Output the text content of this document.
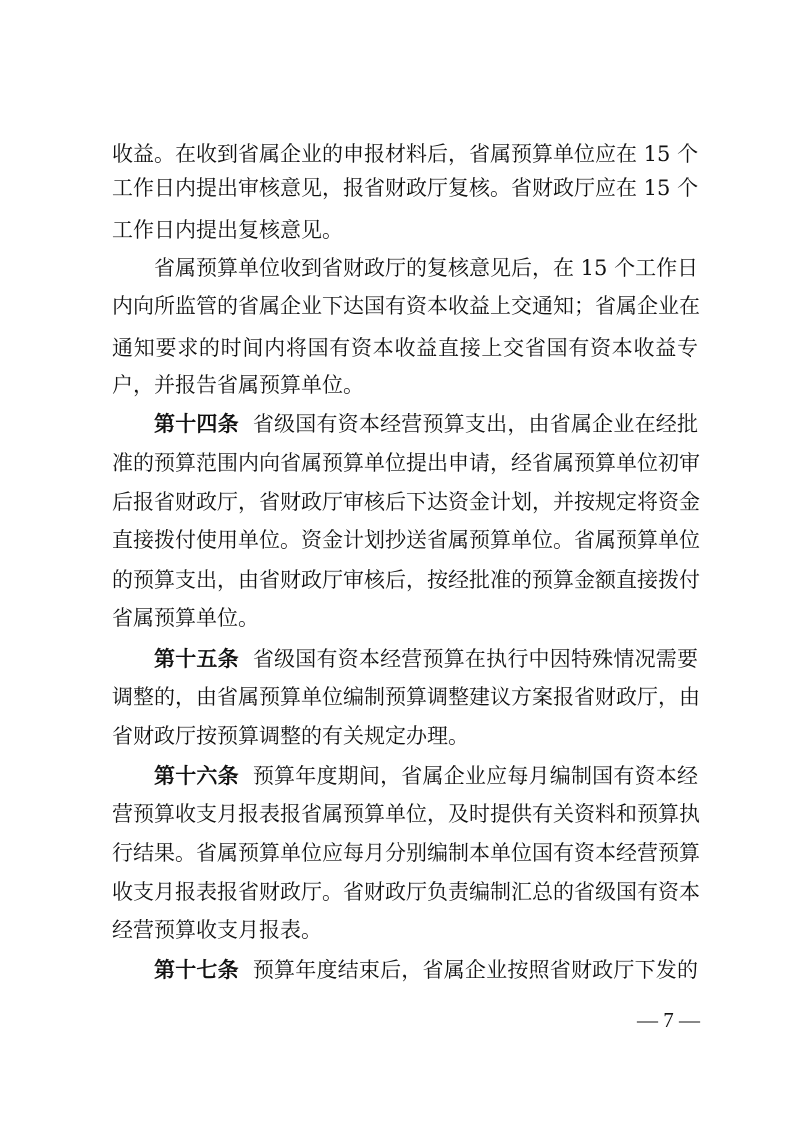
收益。在收到省属企业的申报材料后，省属预算单位应在 15 个
工作日内提出审核意见，报省财政厅复核。省财政厅应在 15 个
工作日内提出复核意见。
省属预算单位收到省财政厅的复核意见后，在 15 个工作日
内向所监管的省属企业下达国有资本收益上交通知；省属企业在
通知要求的时间内将国有资本收益直接上交省国有资本收益专
户，并报告省属预算单位。
第十四条 省级国有资本经营预算支出，由省属企业在经批
准的预算范围内向省属预算单位提出申请，经省属预算单位初审
后报省财政厅，省财政厅审核后下达资金计划，并按规定将资金
直接拨付使用单位。资金计划抄送省属预算单位。省属预算单位
的预算支出，由省财政厅审核后，按经批准的预算金额直接拨付
省属预算单位。
第十五条 省级国有资本经营预算在执行中因特殊情况需要
调整的，由省属预算单位编制预算调整建议方案报省财政厅，由
省财政厅按预算调整的有关规定办理。
第十六条 预算年度期间，省属企业应每月编制国有资本经
营预算收支月报表报省属预算单位，及时提供有关资料和预算执
行结果。省属预算单位应每月分别编制本单位国有资本经营预算
收支月报表报省财政厅。省财政厅负责编制汇总的省级国有资本
经营预算收支月报表。
第十七条 预算年度结束后，省属企业按照省财政厅下发的
— 7 —
